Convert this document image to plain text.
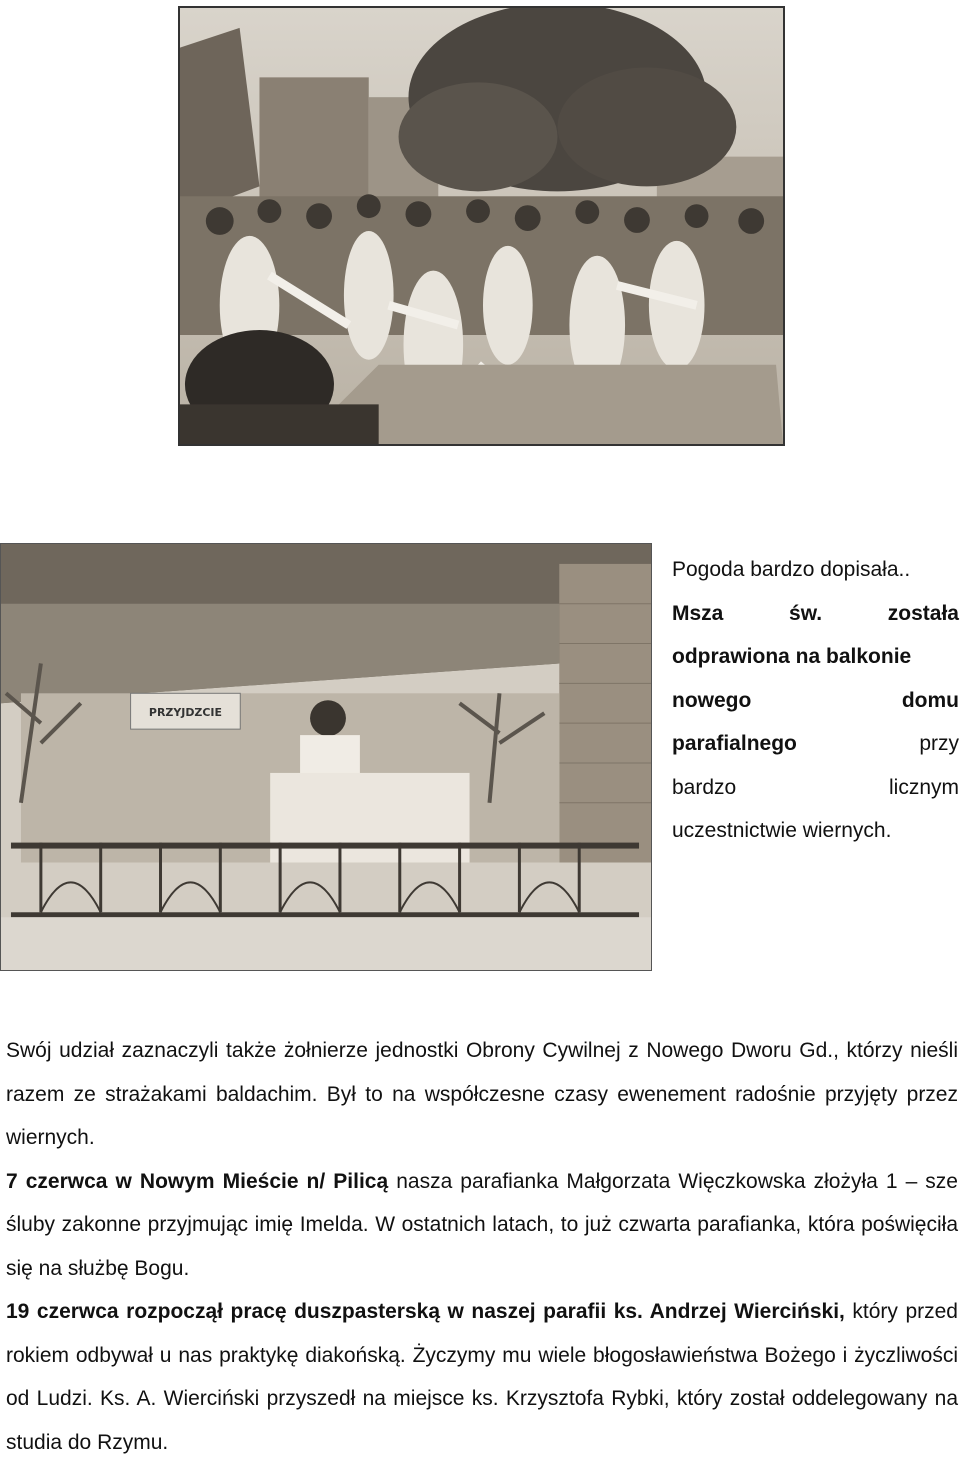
PRZYJDZCIE

Pogoda bardzo dopisała..

Msza św.	została

odprawiona na balkonie

nowego	domu

parafialnego	przy

bardzo	licznym

uczestnictwie wiernych.

Swój udział zaznaczyli także żołnierze jednostki Obrony Cywilnej z Nowego Dworu Gd., którzy nieśli razem ze strażakami baldachim. Był to na współczesne czasy ewenement radośnie przyjęty przez wiernych.

7 czerwca w Nowym Mieście n/ Pilicą nasza parafianka Małgorzata Więczkowska złożyła 1 – sze śluby zakonne przyjmując imię Imelda. W ostatnich latach, to już czwarta parafianka, która poświęciła się na służbę Bogu.

19 czerwca rozpoczął pracę duszpasterską w naszej parafii ks. Andrzej Wierciński, który przed rokiem odbywał u nas praktykę diakońską. Życzymy mu wiele błogosławieństwa Bożego i życzliwości od Ludzi. Ks. A. Wierciński przyszedł na miejsce ks. Krzysztofa Rybki, który został oddelegowany na studia do Rzymu.
